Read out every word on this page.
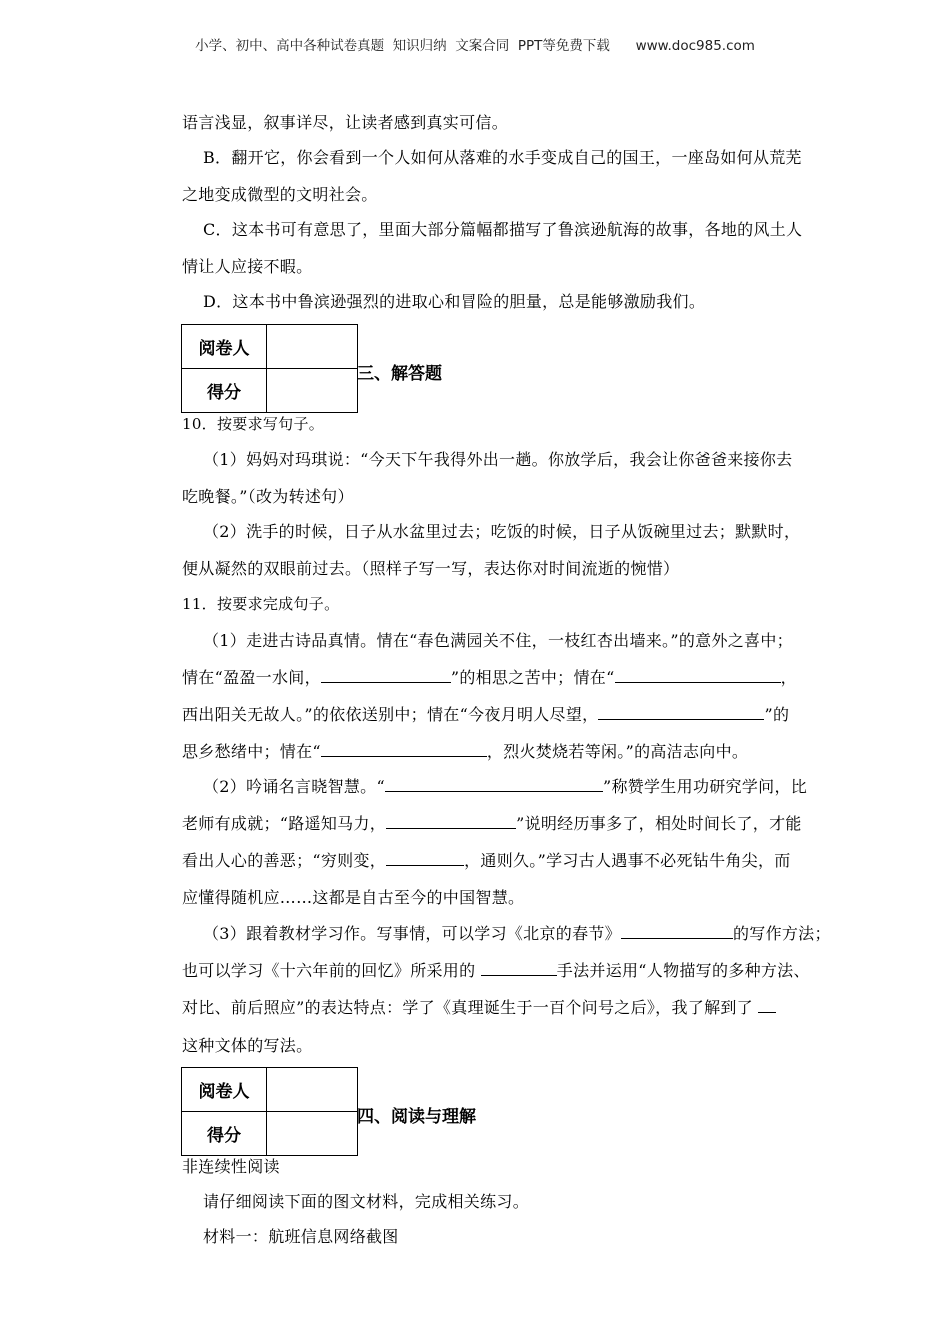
小学、初中、高中各种试卷真题  知识归纳  文案合同  PPT等免费下载      www.doc985.com
语言浅显，叙事详尽，让读者感到真实可信。
B．翻开它，你会看到一个人如何从落难的水手变成自己的国王，一座岛如何从荒芜
之地变成微型的文明社会。
C．这本书可有意思了，里面大部分篇幅都描写了鲁滨逊航海的故事，各地的风土人
情让人应接不暇。
D．这本书中鲁滨逊强烈的进取心和冒险的胆量，总是能够激励我们。
阅卷人	
得分	
三、解答题
10．按要求写句子。
（1）妈妈对玛琪说：“今天下午我得外出一趟。你放学后，我会让你爸爸来接你去
吃晚餐。”（改为转述句）
（2）洗手的时候，日子从水盆里过去；吃饭的时候，日子从饭碗里过去；默默时，
便从凝然的双眼前过去。（照样子写一写，表达你对时间流逝的惋惜）
11．按要求完成句子。
（1）走进古诗品真情。情在“春色满园关不住，一枝红杏出墙来。”的意外之喜中；
情在“盈盈一水间，	”的相思之苦中；情在“	，
西出阳关无故人。”的依依送别中；情在“今夜月明人尽望，	”的
思乡愁绪中；情在“	，烈火焚烧若等闲。”的高洁志向中。
（2）吟诵名言晓智慧。“	”称赞学生用功研究学问，比
老师有成就；“路遥知马力，	”说明经历事多了，相处时间长了，才能
看出人心的善恶；“穷则变，	，通则久。”学习古人遇事不必死钻牛角尖，而
应懂得随机应……这都是自古至今的中国智慧。
（3）跟着教材学习作。写事情，可以学习《北京的春节》	的写作方法；
也可以学习《十六年前的回忆》所采用的	手法并运用“人物描写的多种方法、
对比、前后照应”的表达特点：学了《真理诞生于一百个问号之后》，我了解到了
这种文体的写法。
阅卷人	
得分	
四、阅读与理解
非连续性阅读
请仔细阅读下面的图文材料，完成相关练习。
材料一：航班信息网络截图
